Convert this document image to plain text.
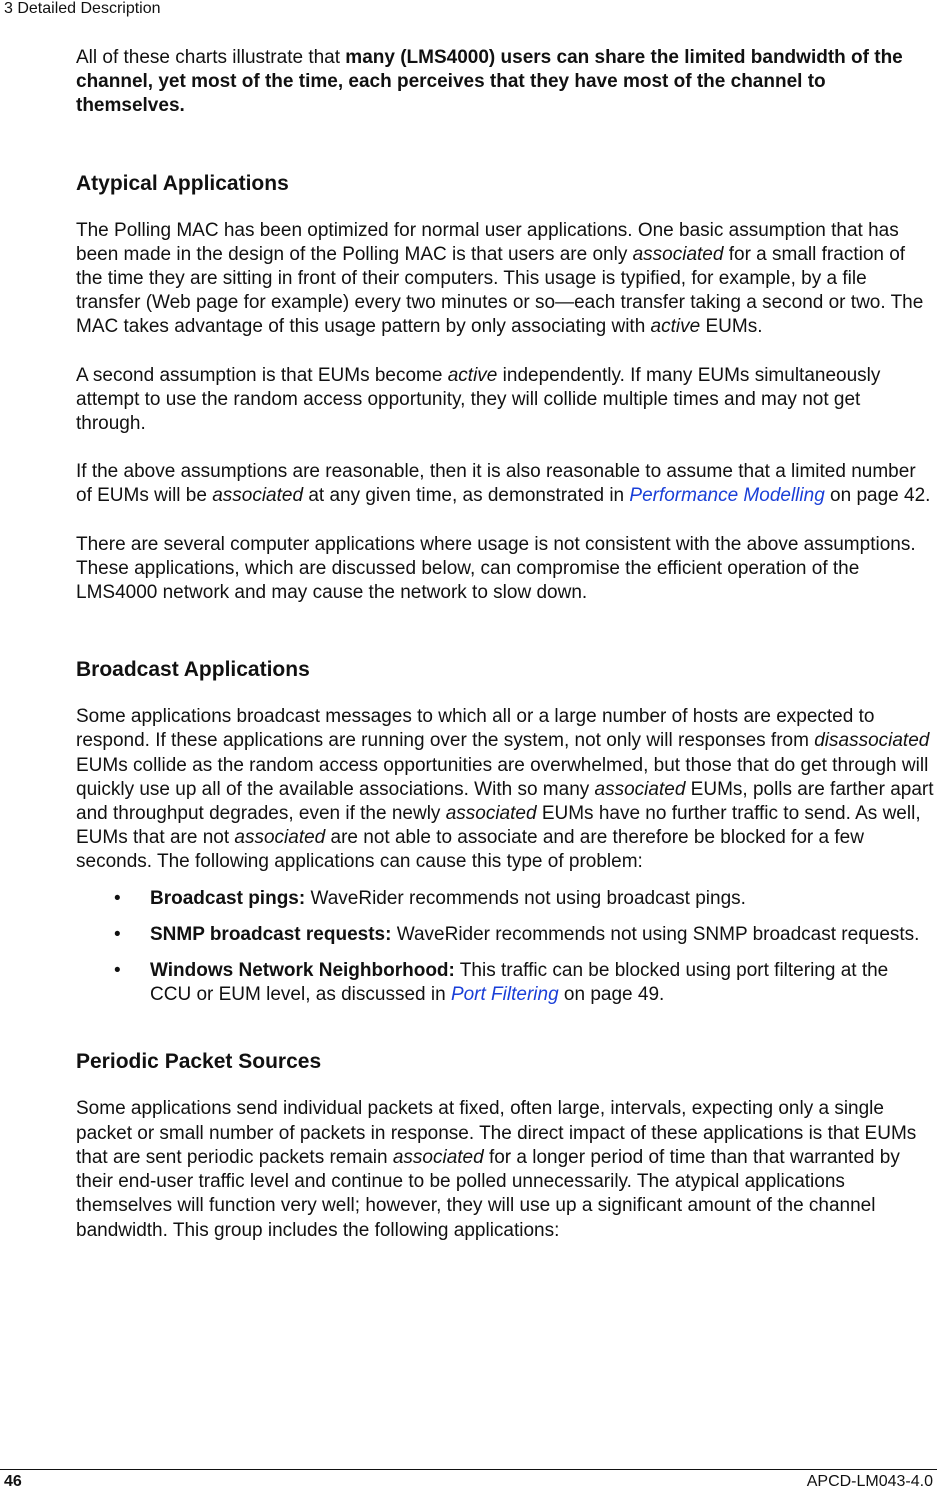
3 Detailed Description

All of these charts illustrate that many (LMS4000) users can share the limited bandwidth of the channel, yet most of the time, each perceives that they have most of the channel to themselves.

Atypical Applications

The Polling MAC has been optimized for normal user applications. One basic assumption that has been made in the design of the Polling MAC is that users are only associated for a small fraction of the time they are sitting in front of their computers. This usage is typified, for example, by a file transfer (Web page for example) every two minutes or so—each transfer taking a second or two. The MAC takes advantage of this usage pattern by only associating with active EUMs.

A second assumption is that EUMs become active independently. If many EUMs simultaneously attempt to use the random access opportunity, they will collide multiple times and may not get through.

If the above assumptions are reasonable, then it is also reasonable to assume that a limited number of EUMs will be associated at any given time, as demonstrated in Performance Modelling on page 42.

There are several computer applications where usage is not consistent with the above assumptions. These applications, which are discussed below, can compromise the efficient operation of the LMS4000 network and may cause the network to slow down.

Broadcast Applications

Some applications broadcast messages to which all or a large number of hosts are expected to respond. If these applications are running over the system, not only will responses from disassociated EUMs collide as the random access opportunities are overwhelmed, but those that do get through will quickly use up all of the available associations. With so many associated EUMs, polls are farther apart and throughput degrades, even if the newly associated EUMs have no further traffic to send. As well, EUMs that are not associated are not able to associate and are therefore be blocked for a few seconds. The following applications can cause this type of problem:

• Broadcast pings: WaveRider recommends not using broadcast pings.
• SNMP broadcast requests: WaveRider recommends not using SNMP broadcast requests.
• Windows Network Neighborhood: This traffic can be blocked using port filtering at the CCU or EUM level, as discussed in Port Filtering on page 49.
Periodic Packet Sources

Some applications send individual packets at fixed, often large, intervals, expecting only a single packet or small number of packets in response. The direct impact of these applications is that EUMs that are sent periodic packets remain associated for a longer period of time than that warranted by their end-user traffic level and continue to be polled unnecessarily. The atypical applications themselves will function very well; however, they will use up a significant amount of the channel bandwidth. This group includes the following applications:

46	APCD-LM043-4.0
